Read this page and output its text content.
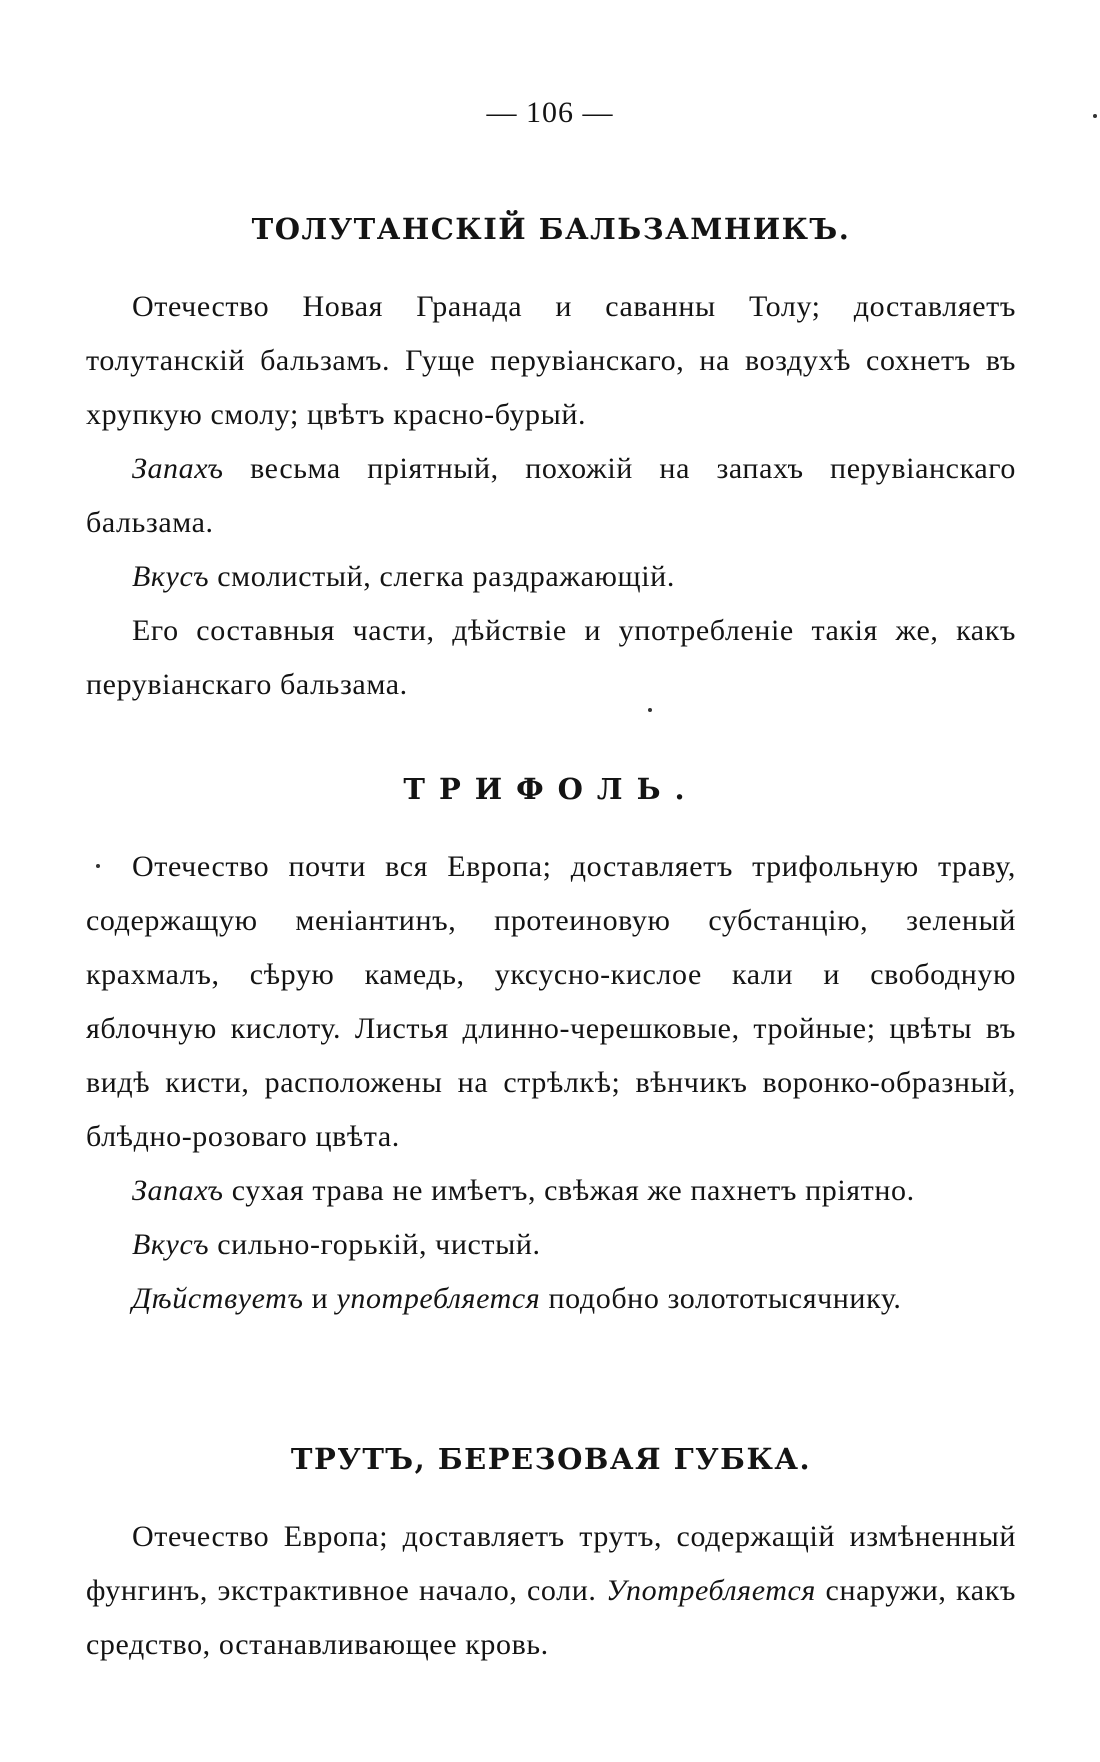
— 106 —
ТОЛУТАНСКІЙ БАЛЬЗАМНИКЪ.

Отечество Новая Гранада и саванны Толу; доставляетъ толутанскій бальзамъ. Гуще перувіанскаго, на воздухѣ сохнетъ въ хрупкую смолу; цвѣтъ красно-бурый.

Запахъ весьма пріятный, похожій на запахъ перувіанскаго бальзама.

Вкусъ смолистый, слегка раздражающій.

Его составныя части, дѣйствіе и употребленіе такія же, какъ перувіанскаго бальзама.

ТРИФОЛЬ.

Отечество почти вся Европа; доставляетъ трифольную траву, содержащую меніантинъ, протеиновую субстанцію, зеленый крахмалъ, сѣрую камедь, уксусно-кислое кали и свободную яблочную кислоту. Листья длинно-черешковые, тройные; цвѣты въ видѣ кисти, расположены на стрѣлкѣ; вѣнчикъ воронко-образный, блѣдно-розоваго цвѣта.

Запахъ сухая трава не имѣетъ, свѣжая же пахнетъ пріятно.

Вкусъ сильно-горькій, чистый.

Дѣйствуетъ и употребляется подобно золототысячнику.

ТРУТЪ, БЕРЕЗОВАЯ ГУБКА.

Отечество Европа; доставляетъ трутъ, содержащій измѣненный фунгинъ, экстрактивное начало, соли. Употребляется снаружи, какъ средство, останавливающее кровь.
